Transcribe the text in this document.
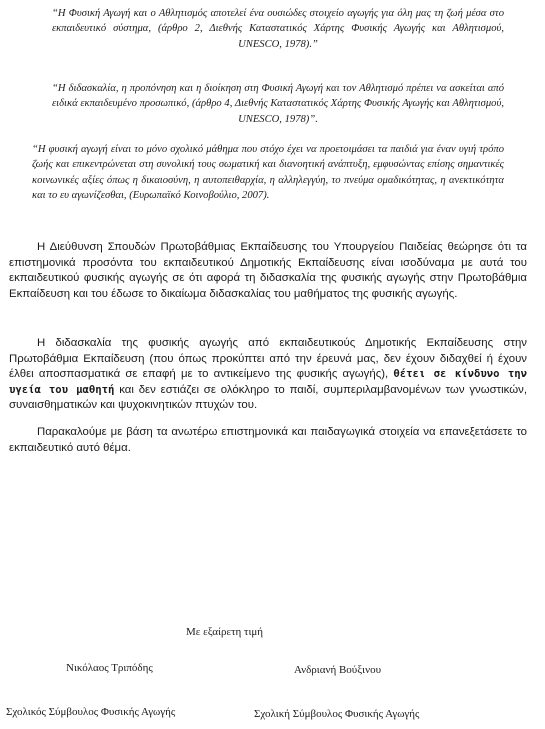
“Η Φυσική Αγωγή και ο Αθλητισμός αποτελεί ένα ουσιώδες στοιχείο αγωγής για όλη μας τη ζωή μέσα στο εκπαιδευτικό σύστημα, (άρθρο 2, Διεθνής Καταστατικός Χάρτης Φυσικής Αγωγής και Αθλητισμού, UNESCO, 1978).”

“Η διδασκαλία, η προπόνηση και η διοίκηση στη Φυσική Αγωγή και τον Αθλητισμό πρέπει να ασκείται από ειδικά εκπαιδευμένο προσωπικό, (άρθρο 4, Διεθνής Καταστατικός Χάρτης Φυσικής Αγωγής και Αθλητισμού, UNESCO, 1978)”.

“Η φυσική αγωγή είναι το μόνο σχολικό μάθημα που στόχο έχει να προετοιμάσει τα παιδιά για έναν υγιή τρόπο ζωής και επικεντρώνεται στη συνολική τους σωματική και διανοητική ανάπτυξη, εμφυσώντας επίσης σημαντικές κοινωνικές αξίες όπως η δικαιοσύνη, η αυτοπειθαρχία, η αλληλεγγύη, το πνεύμα ομαδικότητας, η ανεκτικότητα και το ευ αγωνίζεσθαι, (Ευρωπαϊκό Κοινοβούλιο, 2007).

Η Διεύθυνση Σπουδών Πρωτοβάθμιας Εκπαίδευσης του Υπουργείου Παιδείας θεώρησε ότι τα επιστημονικά προσόντα του εκπαιδευτικού Δημοτικής Εκπαίδευσης είναι ισοδύναμα με αυτά του εκπαιδευτικού φυσικής αγωγής σε ότι αφορά τη διδασκαλία της φυσικής αγωγής στην Πρωτοβάθμια Εκπαίδευση και του έδωσε το δικαίωμα διδασκαλίας του μαθήματος της φυσικής αγωγής.

Η διδασκαλία της φυσικής αγωγής από εκπαιδευτικούς Δημοτικής Εκπαίδευσης στην Πρωτοβάθμια Εκπαίδευση (που όπως προκύπτει από την έρευνά μας, δεν έχουν διδαχθεί ή έχουν έλθει αποσπασματικά σε επαφή με το αντικείμενο της φυσικής αγωγής), θέτει σε κίνδυνο την υγεία του μαθητή και δεν εστιάζει σε ολόκληρο το παιδί, συμπεριλαμβανομένων των γνωστικών, συναισθηματικών και ψυχοκινητικών πτυχών του.

Παρακαλούμε με βάση τα ανωτέρω επιστημονικά και παιδαγωγικά στοιχεία να επανεξετάσετε το εκπαιδευτικό αυτό θέμα.

Με εξαίρετη τιμή

Νικόλαος Τριπόδης	Ανδριανή Βούξινου

Σχολικός Σύμβουλος Φυσικής Αγωγής	Σχολική Σύμβουλος Φυσικής Αγωγής
